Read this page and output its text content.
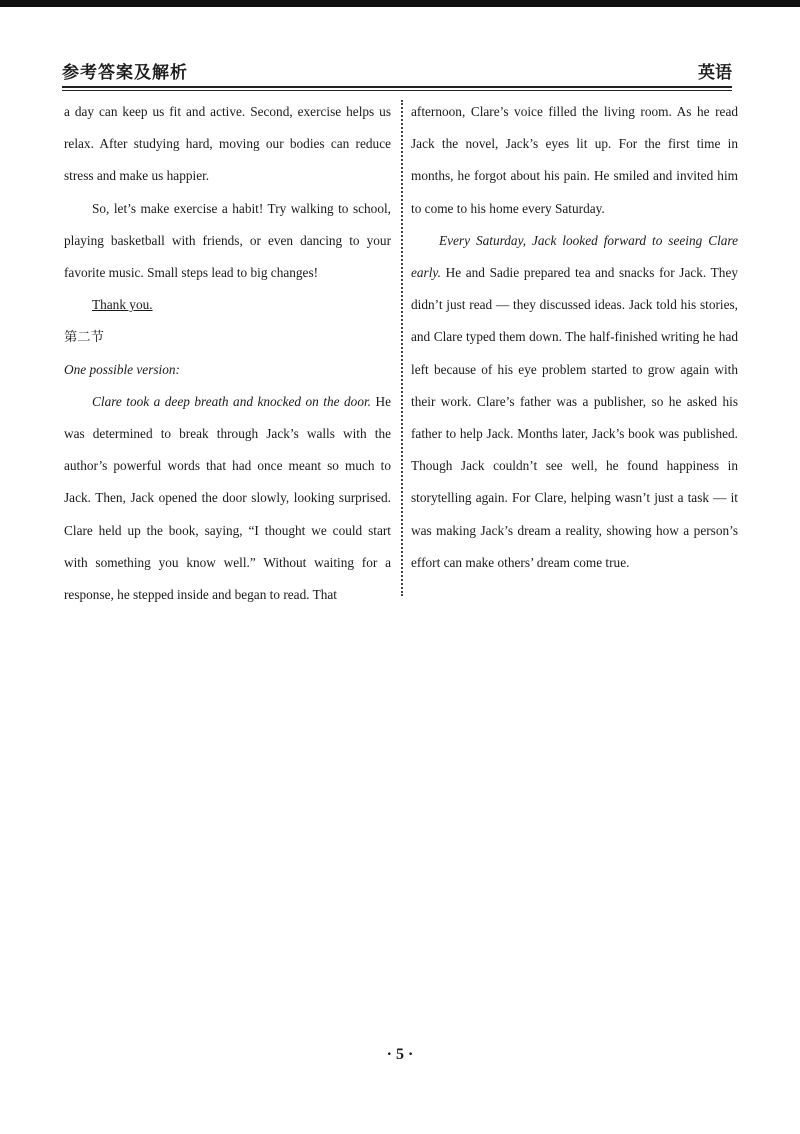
参考答案及解析	英语

a day can keep us fit and active. Second, exercise helps us relax. After studying hard, moving our bodies can reduce stress and make us happier.

So, let’s make exercise a habit! Try walking to school, playing basketball with friends, or even dancing to your favorite music. Small steps lead to big changes!

Thank you.

第二节

One possible version:

Clare took a deep breath and knocked on the door. He was determined to break through Jack’s walls with the author’s powerful words that had once meant so much to Jack. Then, Jack opened the door slowly, looking surprised. Clare held up the book, saying, “I thought we could start with something you know well.” Without waiting for a response, he stepped inside and began to read. That

afternoon, Clare’s voice filled the living room. As he read Jack the novel, Jack’s eyes lit up. For the first time in months, he forgot about his pain. He smiled and invited him to come to his home every Saturday.

Every Saturday, Jack looked forward to seeing Clare early. He and Sadie prepared tea and snacks for Jack. They didn’t just read — they discussed ideas. Jack told his stories, and Clare typed them down. The half-finished writing he had left because of his eye problem started to grow again with their work. Clare’s father was a publisher, so he asked his father to help Jack. Months later, Jack’s book was published. Though Jack couldn’t see well, he found happiness in storytelling again. For Clare, helping wasn’t just a task — it was making Jack’s dream a reality, showing how a person’s effort can make others’ dream come true.

· 5 ·
